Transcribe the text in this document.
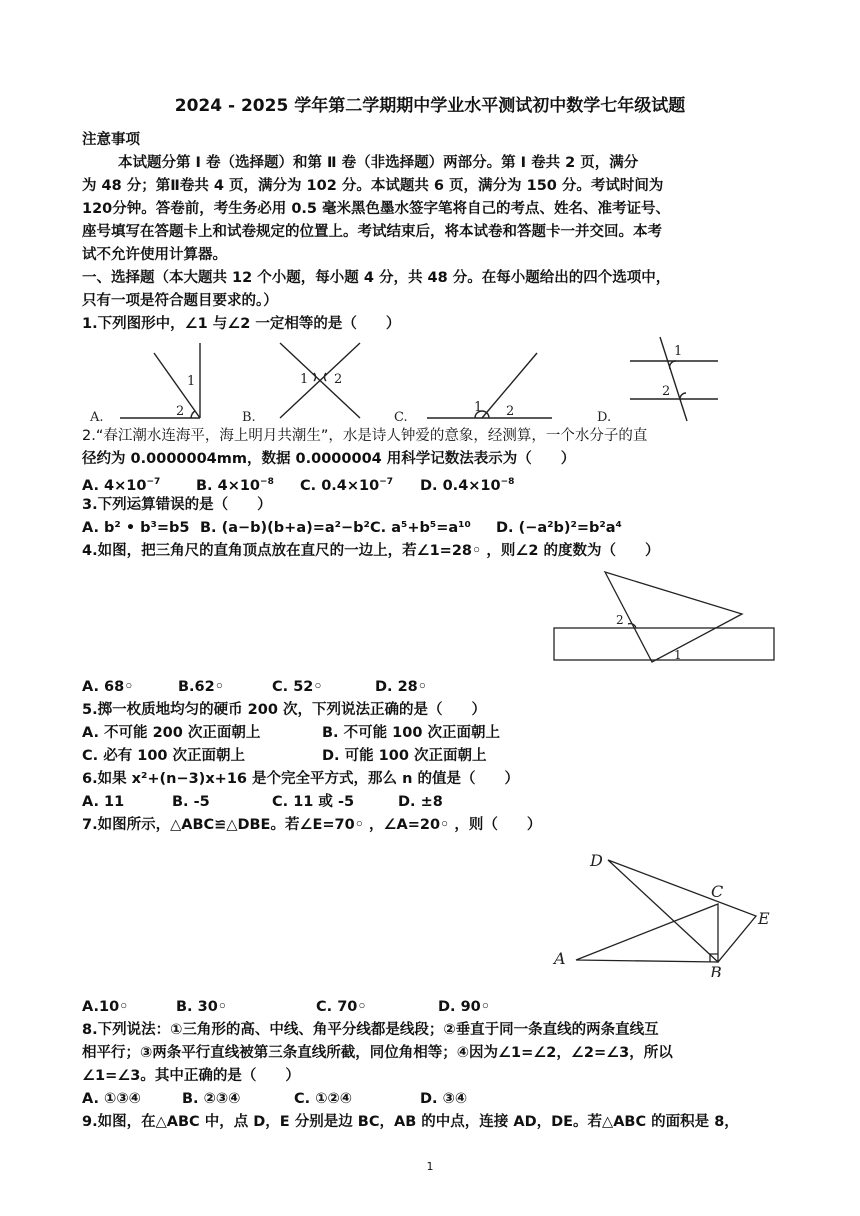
2024 - 2025 学年第二学期期中学业水平测试初中数学七年级试题
注意事项
本试题分第 Ⅰ 卷（选择题）和第 Ⅱ 卷（非选择题）两部分。第 Ⅰ 卷共 2 页，满分
为 48 分；第Ⅱ卷共 4 页，满分为 102 分。本试题共 6 页，满分为 150 分。考试时间为
120分钟。答卷前，考生务必用 0.5 毫米黑色墨水签字笔将自己的考点、姓名、准考证号、
座号填写在答题卡上和试卷规定的位置上。考试结束后，将本试卷和答题卡一并交回。本考
试不允许使用计算器。
一、选择题（本大题共 12 个小题，每小题 4 分，共 48 分。在每小题给出的四个选项中，
只有一项是符合题目要求的。）
1.下列图形中，∠1 与∠2 一定相等的是（　　）
A.	B.	C.	D.
1
2
1 2
1 2
1
2
2.“春江潮水连海平，海上明月共潮生”，水是诗人钟爱的意象，经测算，一个水分子的直
径约为 0.0000004mm，数据 0.0000004 用科学记数法表示为（　　）
A. $4\times 10^{-7}$ B. $4\times 10^{-8}$ C. $0.4\times 10^{-7}$ D. $0.4\times 10^{-8}$
3.下列运算错误的是（　　）
A. b² • b³=b5 B. (a−b)(b+a)=a²−b² C. a⁵+b⁵=a¹⁰ D. (−a²b)²=b²a⁴
4.如图，把三角尺的直角顶点放在直尺的一边上，若∠1=28◦ ，则∠2 的度数为（　　）
2
1
A. 68◦	B.62◦	C. 52◦	D. 28◦
5.掷一枚质地均匀的硬币 200 次，下列说法正确的是（　　）
A. 不可能 200 次正面朝上	B. 不可能 100 次正面朝上
C. 必有 100 次正面朝上	D. 可能 100 次正面朝上
6.如果 x²+(n−3)x+16 是个完全平方式，那么 n 的值是（　　）
A. 11	B. -5	C. 11 或 -5	D. ±8
7.如图所示，△ABC≌△DBE。若∠E=70◦ ，∠A=20◦ ，则（　　）
D
C
E
A
B
A.10◦	B. 30◦	C. 70◦	D. 90◦
8.下列说法：①三角形的高、中线、角平分线都是线段；②垂直于同一条直线的两条直线互
相平行；③两条平行直线被第三条直线所截，同位角相等；④因为∠1=∠2，∠2=∠3，所以
∠1=∠3。其中正确的是（　　）
A. ①③④	B. ②③④	C. ①②④	D. ③④
9.如图，在△ABC 中，点 D，E 分别是边 BC，AB 的中点，连接 AD，DE。若△ABC 的面积是 8，
1
